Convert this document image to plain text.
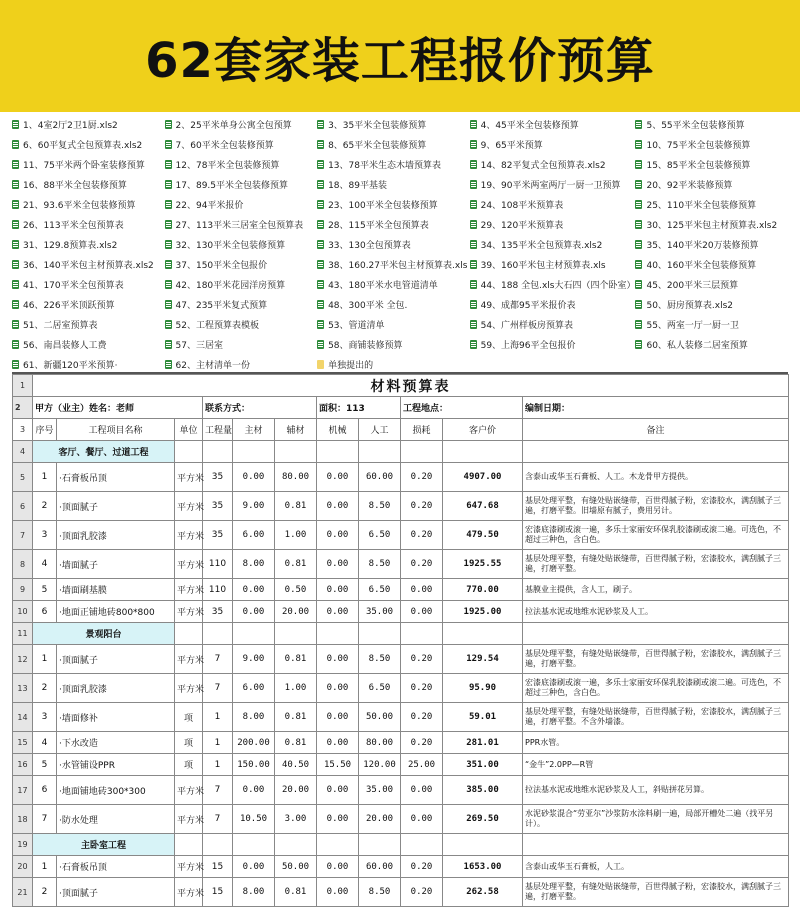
62套家装工程报价预算
1、4室2厅2卫1厨.xls2	2、25平米单身公寓全包预算	3、35平米全包装修预算	4、45平米全包装修预算	5、55平米全包装修预算
6、60平复式全包预算表.xls2	7、60平米全包装修预算	8、65平米全包装修预算	9、65平米预算	10、75平米全包装修预算
11、75平米两个卧室装修预算	12、78平米全包装修预算	13、78平米生态木墙预算表	14、82平复式全包预算表.xls2	15、85平米全包装修预算
16、88平米全包装修预算	17、89.5平米全包装修预算	18、89平基装	19、90平米两室两厅一厨一卫预算	20、92平米装修预算
21、93.6平米全包装修预算	22、94平米报价	23、100平米全包装修预算	24、108平米预算表	25、110平米全包装修预算
26、113平米全包预算表	27、113平米三居室全包预算表	28、115平米全包预算表	29、120平米预算表	30、125平米包主材预算表.xls2
31、129.8预算表.xls2	32、130平米全包装修预算	33、130全包预算表	34、135平米全包预算表.xls2	35、140平米20万装修预算
36、140平米包主材预算表.xls2 37、150平米全包报价	38、160.27平米包主材预算表.xls 39、160平米包主材预算表.xls	40、160平米全包装修预算
41、170平米全包预算表	42、180平米花园洋房预算	43、180平米水电管道清单	44、188 全包.xls大石四（四个卧室） 45、200平米三层预算
46、226平米顶跃预算	47、235平米复式预算	48、300平米 全包.	49、成都95平米报价表	50、厨房预算表.xls2
51、二居室预算表	52、工程预算表模板	53、管道清单	54、广州样板房预算表	55、两室一厅一厨一卫
56、南昌装修人工费	57、三居室	58、商铺装修预算	59、上海96平全包报价	60、私人装修二居室预算
61、新疆120平米预算·	62、主材清单一份	单独提出的
1	材料预算表										
2	甲方（业主）姓名：老师			联系方式：			面积：113		工程地点：		编制日期：
3	序号	工程项目名称	单位	工程量	主材	辅材	机械	人工	损耗	客户价	备注
4	客厅、餐厅、过道工程										
5	1	·石膏板吊顶	平方米	35	0.00	80.00	0.00	60.00	0.20	4907.00	含泰山或华玉石膏板、人工。木龙骨甲方提供。
6	2	·顶面腻子	平方米	35	9.00	0.81	0.00	8.50	0.20	647.68	基层处理平整，有缝处贴嵌缝带，百世得腻子粉，宏漆胶水，满刮腻子三遍，打磨平整。旧墙原有腻子，费用另计。
7	3	·顶面乳胶漆	平方米	35	6.00	1.00	0.00	6.50	0.20	479.50	宏漆底漆刷或滚一遍，多乐士家丽安环保乳胶漆刷或滚二遍。可选色，不超过三种色，含白色。
8	4	·墙面腻子	平方米	110	8.00	0.81	0.00	8.50	0.20	1925.55	基层处理平整，有缝处贴嵌缝带，百世得腻子粉，宏漆胶水，满刮腻子三遍，打磨平整。
9	5	·墙面刷基膜	平方米	110	0.00	0.50	0.00	6.50	0.00	770.00	基膜业主提供，含人工，刷子。
10	6	·地面正铺地砖800*800	平方米	35	0.00	20.00	0.00	35.00	0.00	1925.00	拉法基水泥或地维水泥砂浆及人工。
11	景观阳台										
12	1	·顶面腻子	平方米	7	9.00	0.81	0.00	8.50	0.20	129.54	基层处理平整，有缝处贴嵌缝带，百世得腻子粉，宏漆胶水，满刮腻子三遍，打磨平整。
13	2	·顶面乳胶漆	平方米	7	6.00	1.00	0.00	6.50	0.20	95.90	宏漆底漆刷或滚一遍，多乐士家丽安环保乳胶漆刷或滚二遍。可选色，不超过三种色，含白色。
14	3	·墙面修补	项	1	8.00	0.81	0.00	50.00	0.20	59.01	基层处理平整，有缝处贴嵌缝带，百世得腻子粉，宏漆胶水，满刮腻子三遍，打磨平整。不含外墙漆。
15	4	·下水改造	项	1	200.00	0.81	0.00	80.00	0.20	281.01	PPR水管。
16	5	·水管铺设PPR	项	1	150.00	40.50	15.50	120.00	25.00	351.00	“金牛”2.0PP—R管
17	6	·地面铺地砖300*300	平方米	7	0.00	20.00	0.00	35.00	0.00	385.00	拉法基水泥或地维水泥砂浆及人工，斜贴拼花另算。
18	7	·防水处理	平方米	7	10.50	3.00	0.00	20.00	0.00	269.50	水泥砂浆混合“劳亚尔”沙浆防水涂料刷一遍，局部开槽处二遍（找平另计）。
19	主卧室工程										
20	1	·石膏板吊顶	平方米	15	0.00	50.00	0.00	60.00	0.20	1653.00	含泰山或华玉石膏板，人工。
21	2	·顶面腻子	平方米	15	8.00	0.81	0.00	8.50	0.20	262.58	基层处理平整，有缝处贴嵌缝带，百世得腻子粉，宏漆胶水，满刮腻子三遍，打磨平整。
